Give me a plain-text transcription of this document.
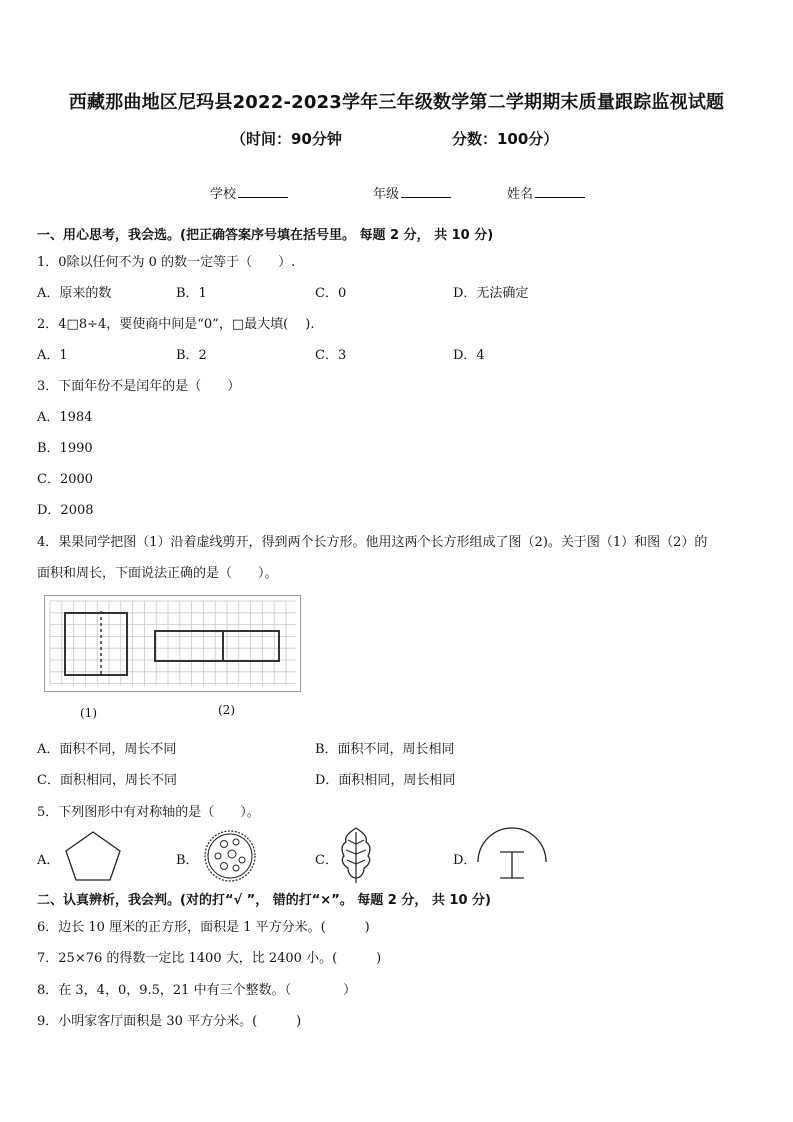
西藏那曲地区尼玛县2022-2023学年三年级数学第二学期期末质量跟踪监视试题
（时间：90分钟	分数：100分）
学校	年级	姓名
一、用心思考，我会选。(把正确答案序号填在括号里。 每题 2 分， 共 10 分)
1．0除以任何不为 0 的数一定等于（　　）.
A．原来的数	B．1	C．0	D．无法确定
2．4□8÷4，要使商中间是“0”，□最大填(　 ).
A．1	B．2	C．3	D．4
3．下面年份不是闰年的是（　　）
A．1984
B．1990
C．2000
D．2008
4．果果同学把图（1）沿着虚线剪开，得到两个长方形。他用这两个长方形组成了图（2)。关于图（1）和图（2）的
面积和周长，下面说法正确的是（　　）。
(1)	(2)
A．面积不同，周长不同	B．面积不同，周长相同
C．面积相同，周长不同	D．面积相同，周长相同
5．下列图形中有对称轴的是（　　）。
A．	B．	C．	D．
二、认真辨析，我会判。(对的打“√ ”， 错的打“×”。 每题 2 分， 共 10 分)
6．边长 10 厘米的正方形，面积是 1 平方分米。(　　　)
7．25×76 的得数一定比 1400 大，比 2400 小。(　　　)
8．在 3，4，0，9.5，21 中有三个整数。（　　　　）
9．小明家客厅面积是 30 平方分米。(　　　)
